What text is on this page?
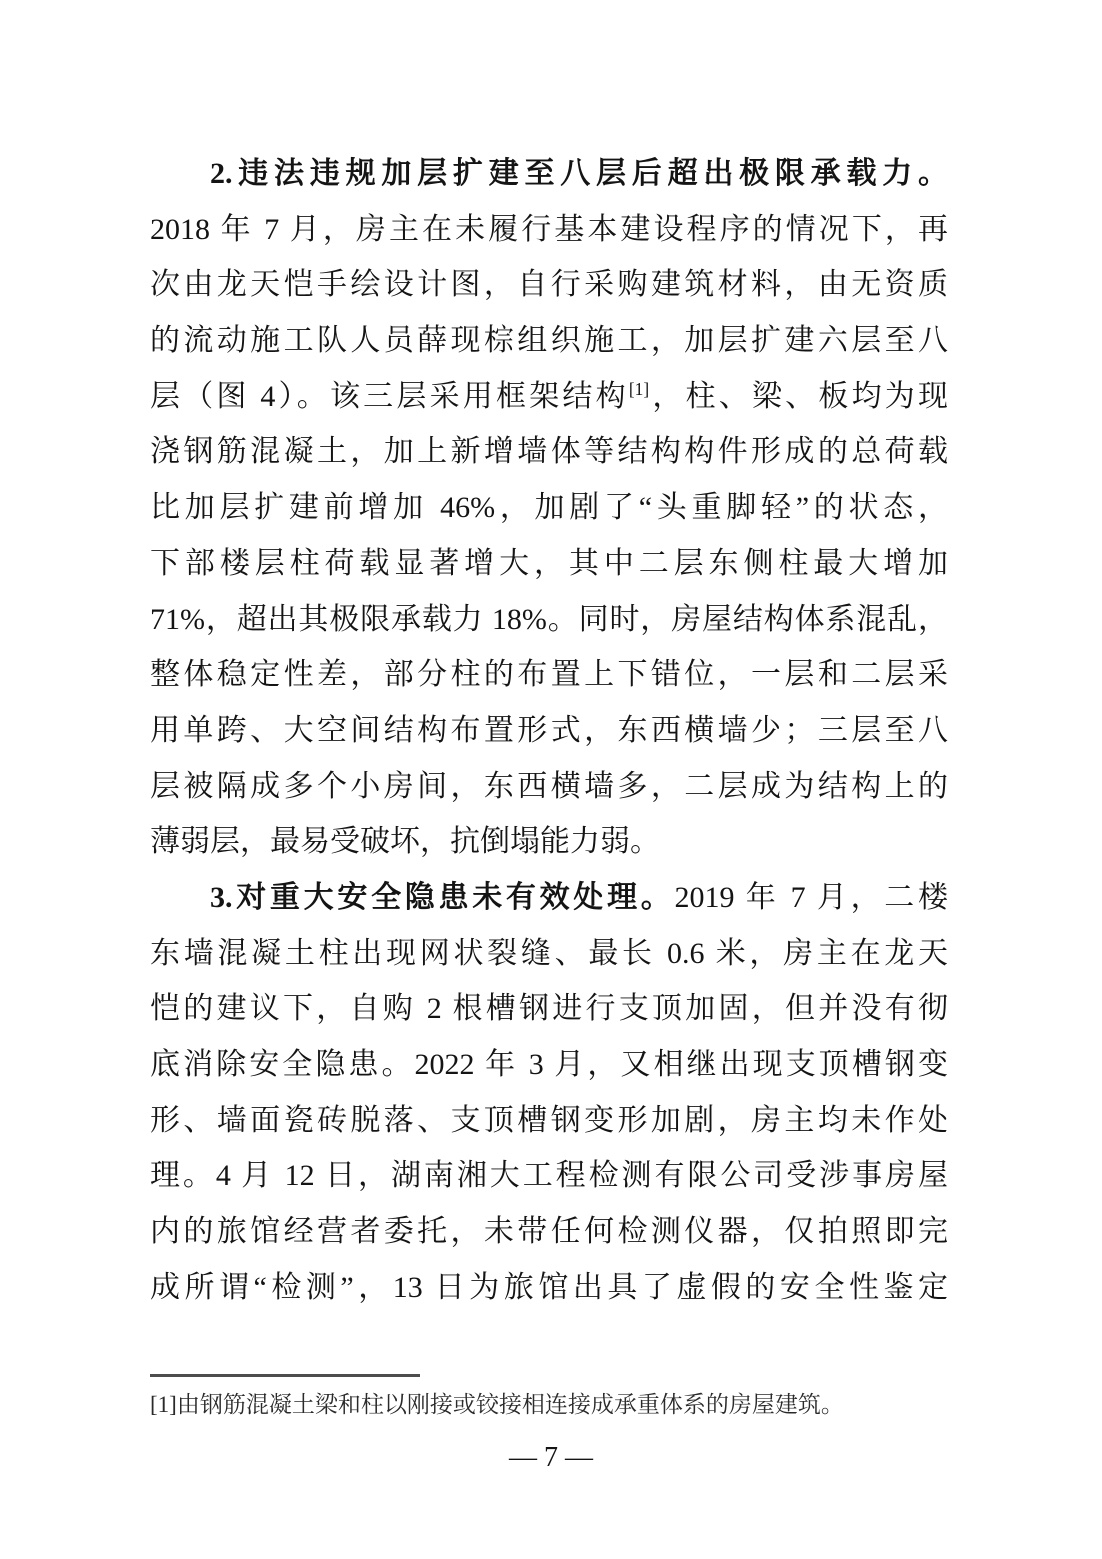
2.违法违规加层扩建至八层后超出极限承载力。
2018 年 7 月，房主在未履行基本建设程序的情况下，再
次由龙天恺手绘设计图，自行采购建筑材料，由无资质
的流动施工队人员薛现棕组织施工，加层扩建六层至八
层（图 4）。该三层采用框架结构[1]，柱、梁、板均为现
浇钢筋混凝土，加上新增墙体等结构构件形成的总荷载
比加层扩建前增加 46%，加剧了“头重脚轻”的状态，
下部楼层柱荷载显著增大，其中二层东侧柱最大增加
71%，超出其极限承载力 18%。同时，房屋结构体系混乱，
整体稳定性差，部分柱的布置上下错位，一层和二层采
用单跨、大空间结构布置形式，东西横墙少；三层至八
层被隔成多个小房间，东西横墙多，二层成为结构上的
薄弱层，最易受破坏，抗倒塌能力弱。
3.对重大安全隐患未有效处理。2019 年 7 月，二楼
东墙混凝土柱出现网状裂缝、最长 0.6 米，房主在龙天
恺的建议下，自购 2 根槽钢进行支顶加固，但并没有彻
底消除安全隐患。2022 年 3 月，又相继出现支顶槽钢变
形、墙面瓷砖脱落、支顶槽钢变形加剧，房主均未作处
理。4 月 12 日，湖南湘大工程检测有限公司受涉事房屋
内的旅馆经营者委托，未带任何检测仪器，仅拍照即完
成所谓“检测”，13 日为旅馆出具了虚假的安全性鉴定
[1]由钢筋混凝土梁和柱以刚接或铰接相连接成承重体系的房屋建筑。
— 7 —
